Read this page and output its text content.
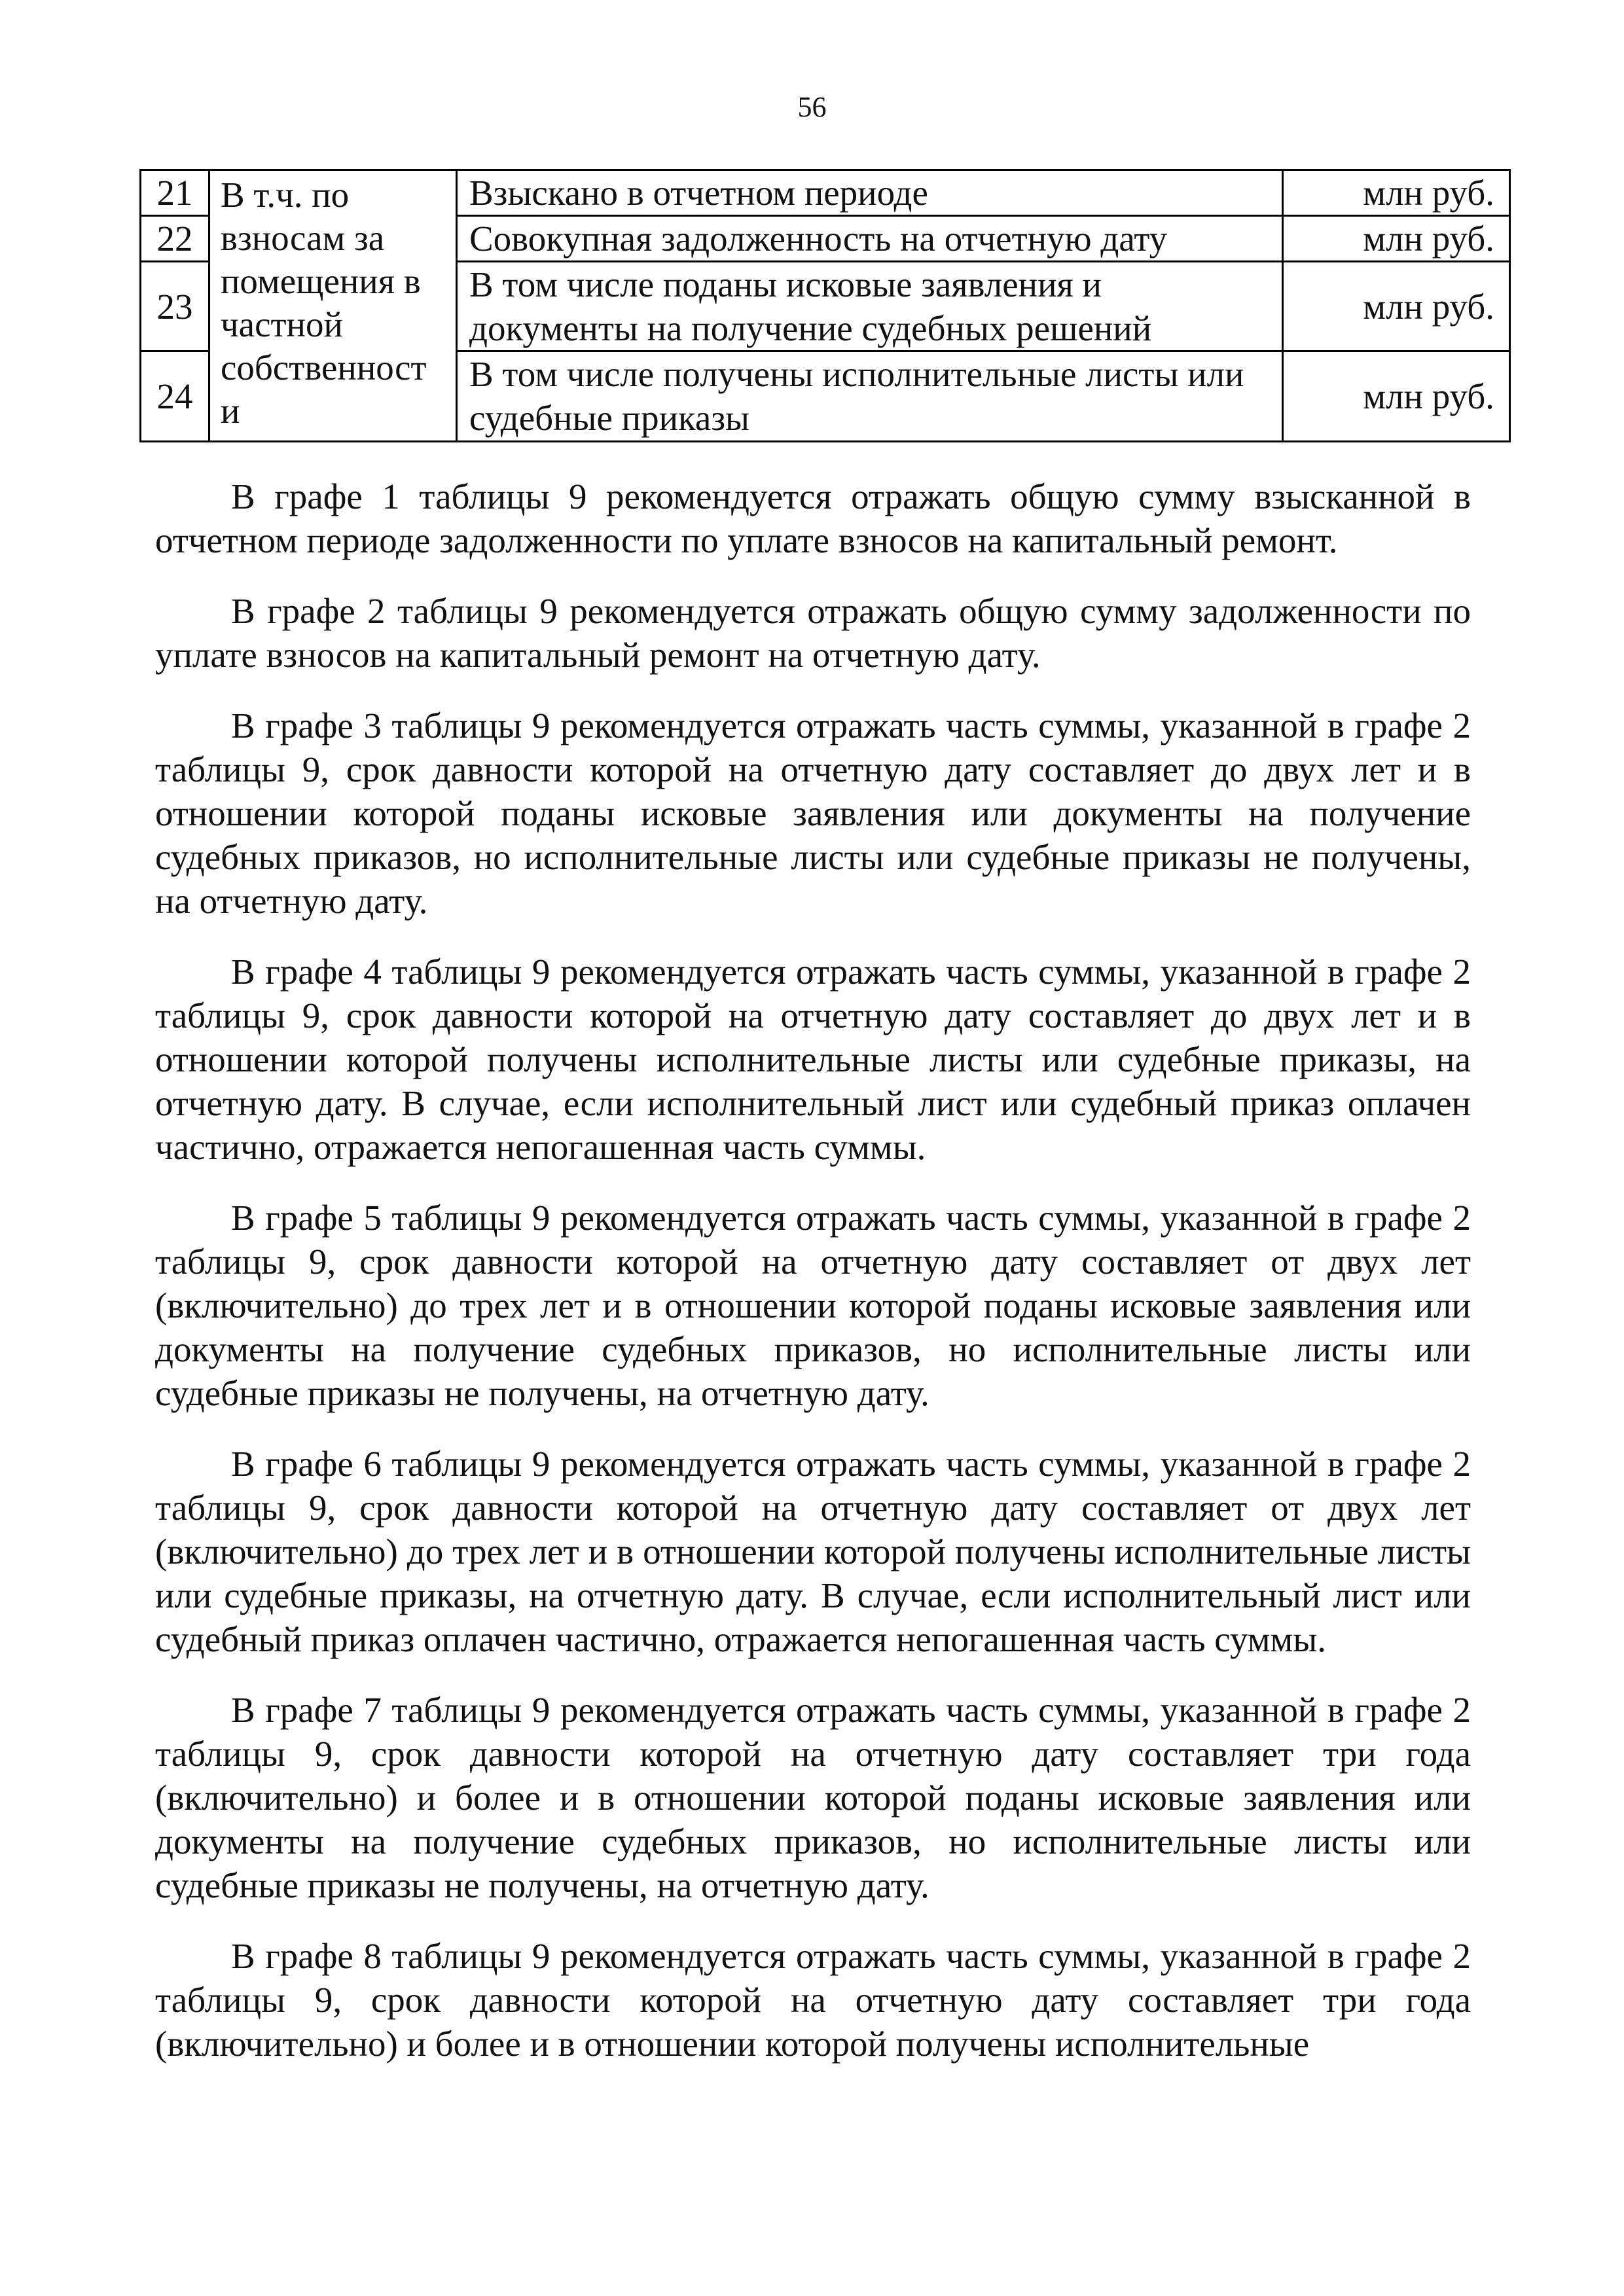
56
21	В т.ч. по взносам за помещения в частной собственност и	Взыскано в отчетном периоде	млн руб.
22		Совокупная задолженность на отчетную дату	млн руб.
23		В том числе поданы исковые заявления и документы на получение судебных решений	млн руб.
24		В том числе получены исполнительные листы или судебные приказы	млн руб.

В графе 1 таблицы 9 рекомендуется отражать общую сумму взысканной в отчетном периоде задолженности по уплате взносов на капитальный ремонт.

В графе 2 таблицы 9 рекомендуется отражать общую сумму задолженности по уплате взносов на капитальный ремонт на отчетную дату.

В графе 3 таблицы 9 рекомендуется отражать часть суммы, указанной в графе 2 таблицы 9, срок давности которой на отчетную дату составляет до двух лет и в отношении которой поданы исковые заявления или документы на получение судебных приказов, но исполнительные листы или судебные приказы не получены, на отчетную дату.

В графе 4 таблицы 9 рекомендуется отражать часть суммы, указанной в графе 2 таблицы 9, срок давности которой на отчетную дату составляет до двух лет и в отношении которой получены исполнительные листы или судебные приказы, на отчетную дату. В случае, если исполнительный лист или судебный приказ оплачен частично, отражается непогашенная часть суммы.

В графе 5 таблицы 9 рекомендуется отражать часть суммы, указанной в графе 2 таблицы 9, срок давности которой на отчетную дату составляет от двух лет (включительно) до трех лет и в отношении которой поданы исковые заявления или документы на получение судебных приказов, но исполнительные листы или судебные приказы не получены, на отчетную дату.

В графе 6 таблицы 9 рекомендуется отражать часть суммы, указанной в графе 2 таблицы 9, срок давности которой на отчетную дату составляет от двух лет (включительно) до трех лет и в отношении которой получены исполнительные листы или судебные приказы, на отчетную дату. В случае, если исполнительный лист или судебный приказ оплачен частично, отражается непогашенная часть суммы.

В графе 7 таблицы 9 рекомендуется отражать часть суммы, указанной в графе 2 таблицы 9, срок давности которой на отчетную дату составляет три года (включительно) и более и в отношении которой поданы исковые заявления или документы на получение судебных приказов, но исполнительные листы или судебные приказы не получены, на отчетную дату.

В графе 8 таблицы 9 рекомендуется отражать часть суммы, указанной в графе 2 таблицы 9, срок давности которой на отчетную дату составляет три года (включительно) и более и в отношении которой получены исполнительные
